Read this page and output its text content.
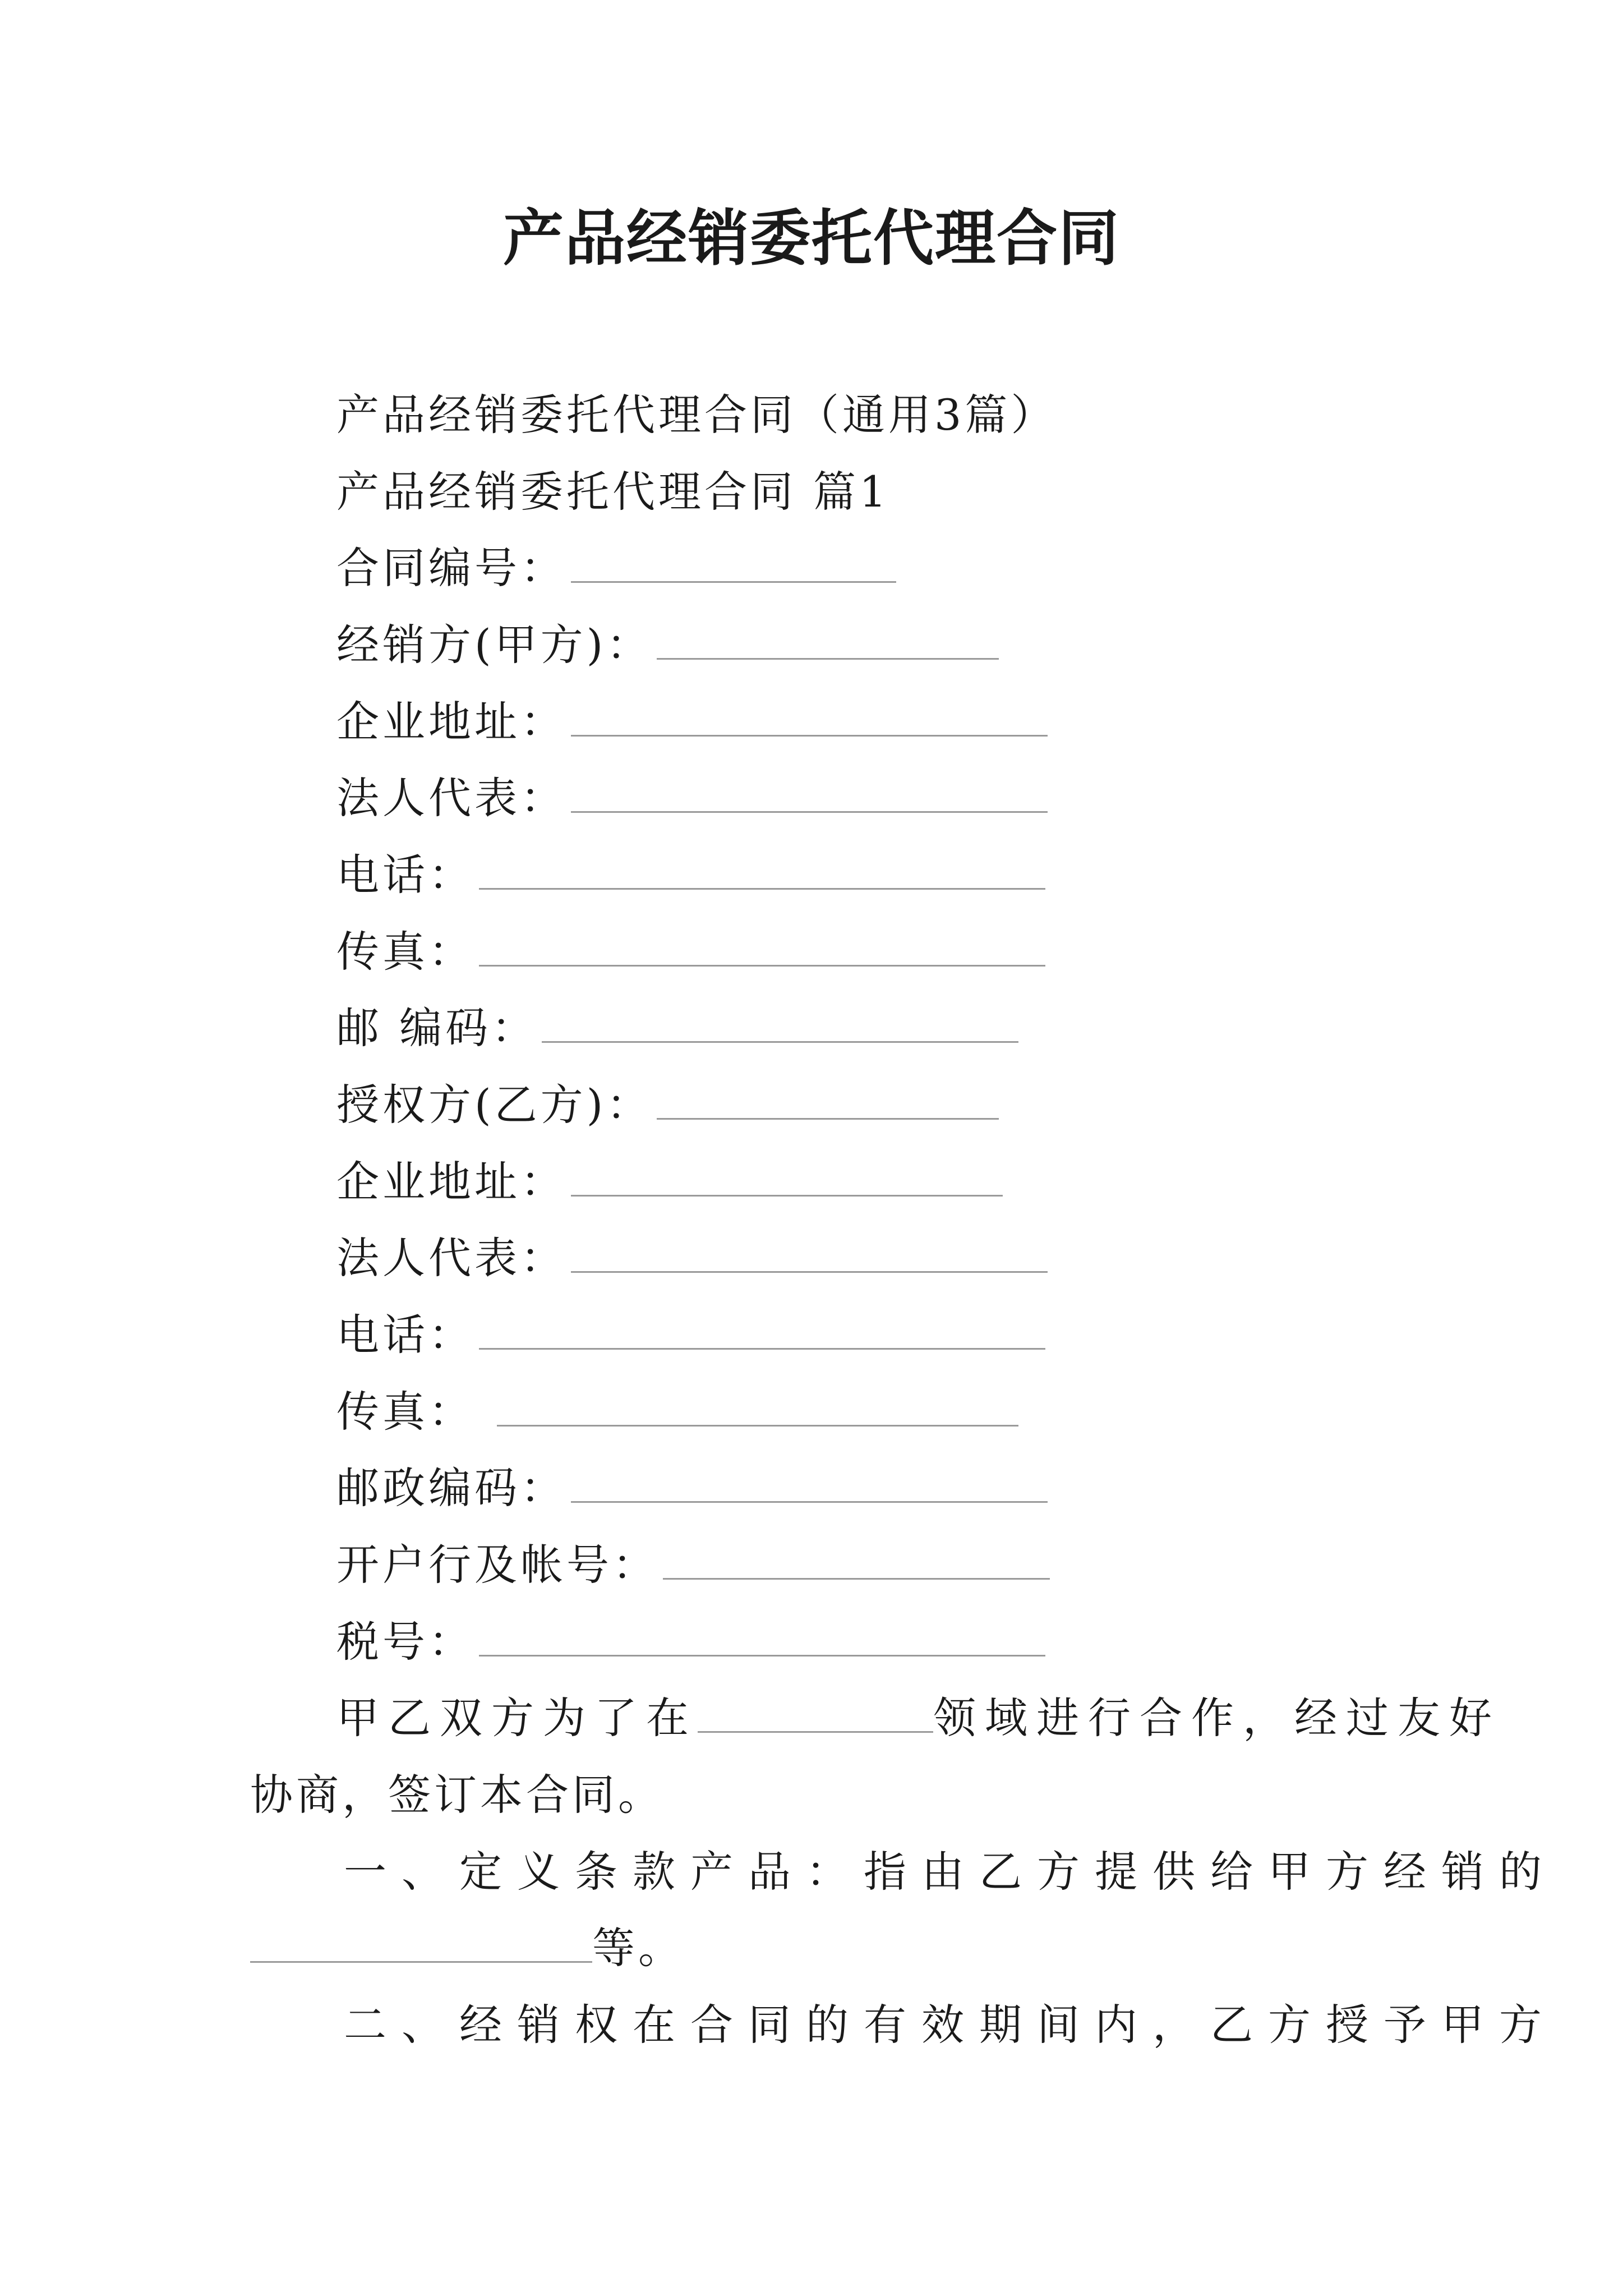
产品经销委托代理合同
产品经销委托代理合同（通用3篇）
产品经销委托代理合同 篇1
合同编号：
经销方(甲方)：
企业地址：
法人代表：
电话：
传真：
邮 编码：
授权方(乙方)：
企业地址：
法人代表：
电话：
传真：
邮政编码：
开户行及帐号：
税号：
甲乙双方为了在	领域进行合作，经过友好
协商，签订本合同。
一、定义条款产品：指由乙方提供给甲方经销的
等。
二、经销权在合同的有效期间内，乙方授予甲方
